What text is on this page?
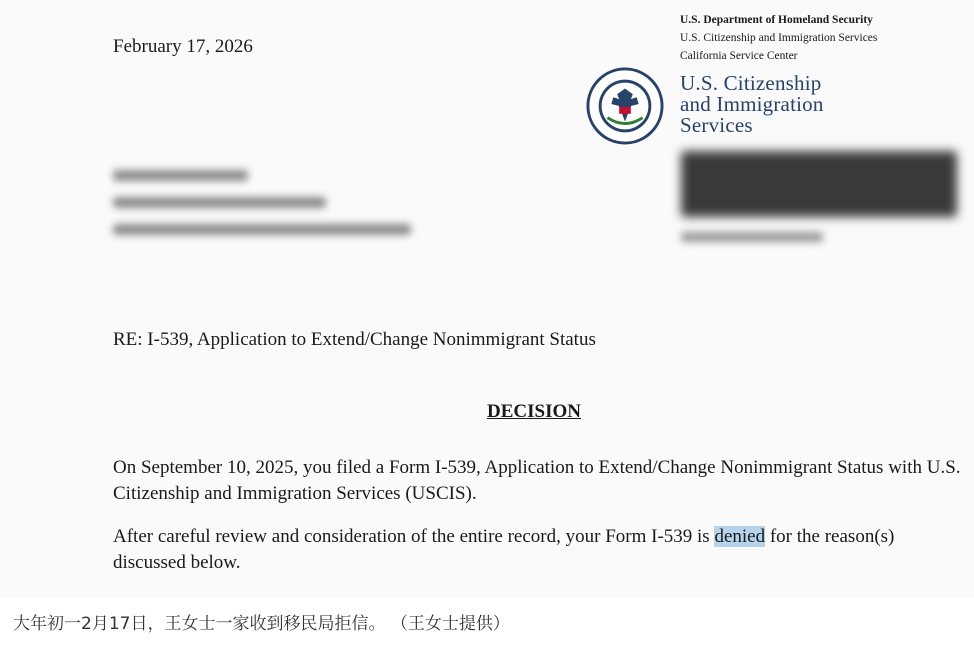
February 17, 2026
U.S. Department of Homeland Security
U.S. Citizenship and Immigration Services
California Service Center
U.S. Citizenship
and Immigration
Services
RE: I-539, Application to Extend/Change Nonimmigrant Status
DECISION
On September 10, 2025, you filed a Form I-539, Application to Extend/Change Nonimmigrant Status with U.S. Citizenship and Immigration Services (USCIS).
After careful review and consideration of the entire record, your Form I-539 is denied for the reason(s) discussed below.
大年初一2月17日，王女士一家收到移民局拒信。 （王女士提供）
